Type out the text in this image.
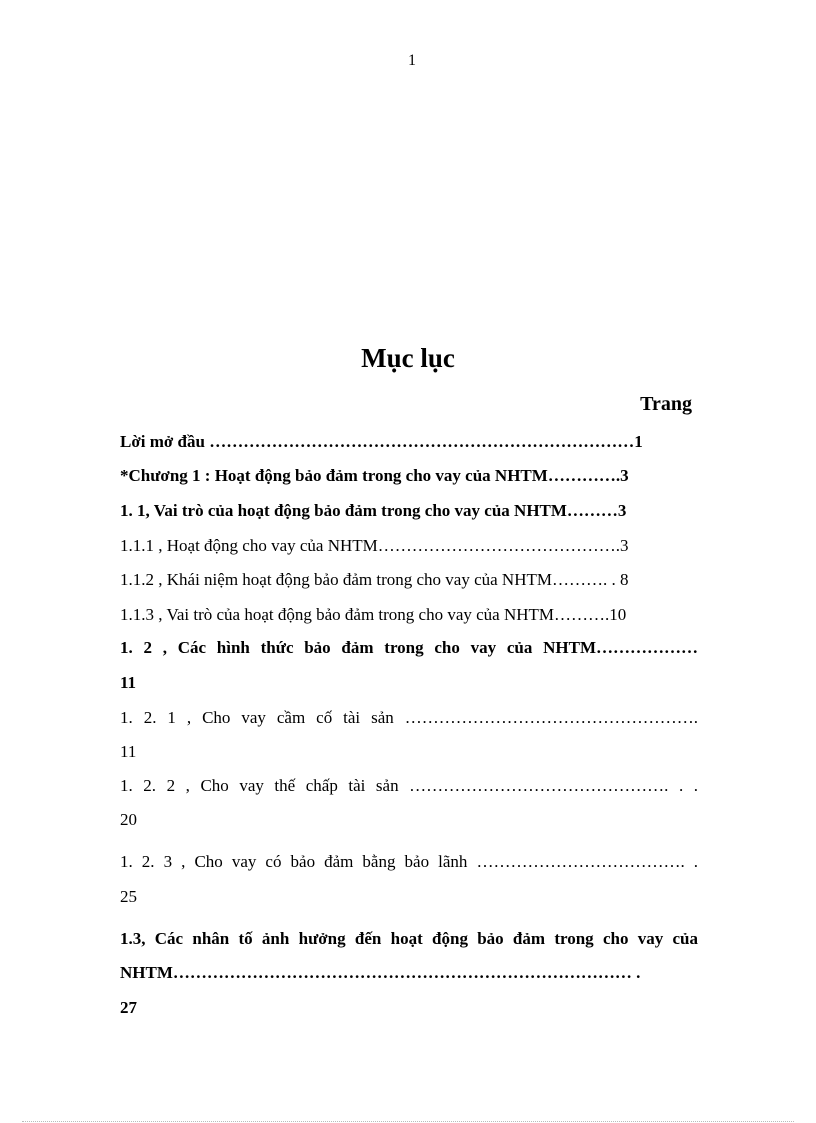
1
Mục lục
Trang
Lời mở đầu …………………………………………………………………1
*Chương 1 : Hoạt động bảo đảm trong cho vay của NHTM………….3
1. 1, Vai trò của hoạt động bảo đảm trong cho vay của NHTM………3
1.1.1 , Hoạt động cho vay của NHTM…………………………………….3
1.1.2 , Khái niệm hoạt động bảo đảm trong cho vay của NHTM………. . 8
1.1.3 , Vai trò của hoạt động bảo đảm trong cho vay của NHTM……….10
1. 2 , Các hình thức bảo đảm trong cho vay của NHTM………………
11
1. 2. 1 , Cho vay cầm cố tài sản …………………………………………….
11
1. 2. 2 , Cho vay thế chấp tài sản ………………………………………. . .
20
1. 2. 3 , Cho vay có bảo đảm bằng bảo lãnh ………………………………. .
25
1.3, Các nhân tố ảnh hưởng đến hoạt động bảo đảm trong cho vay của
NHTM……………………………………………………………………… .
27
